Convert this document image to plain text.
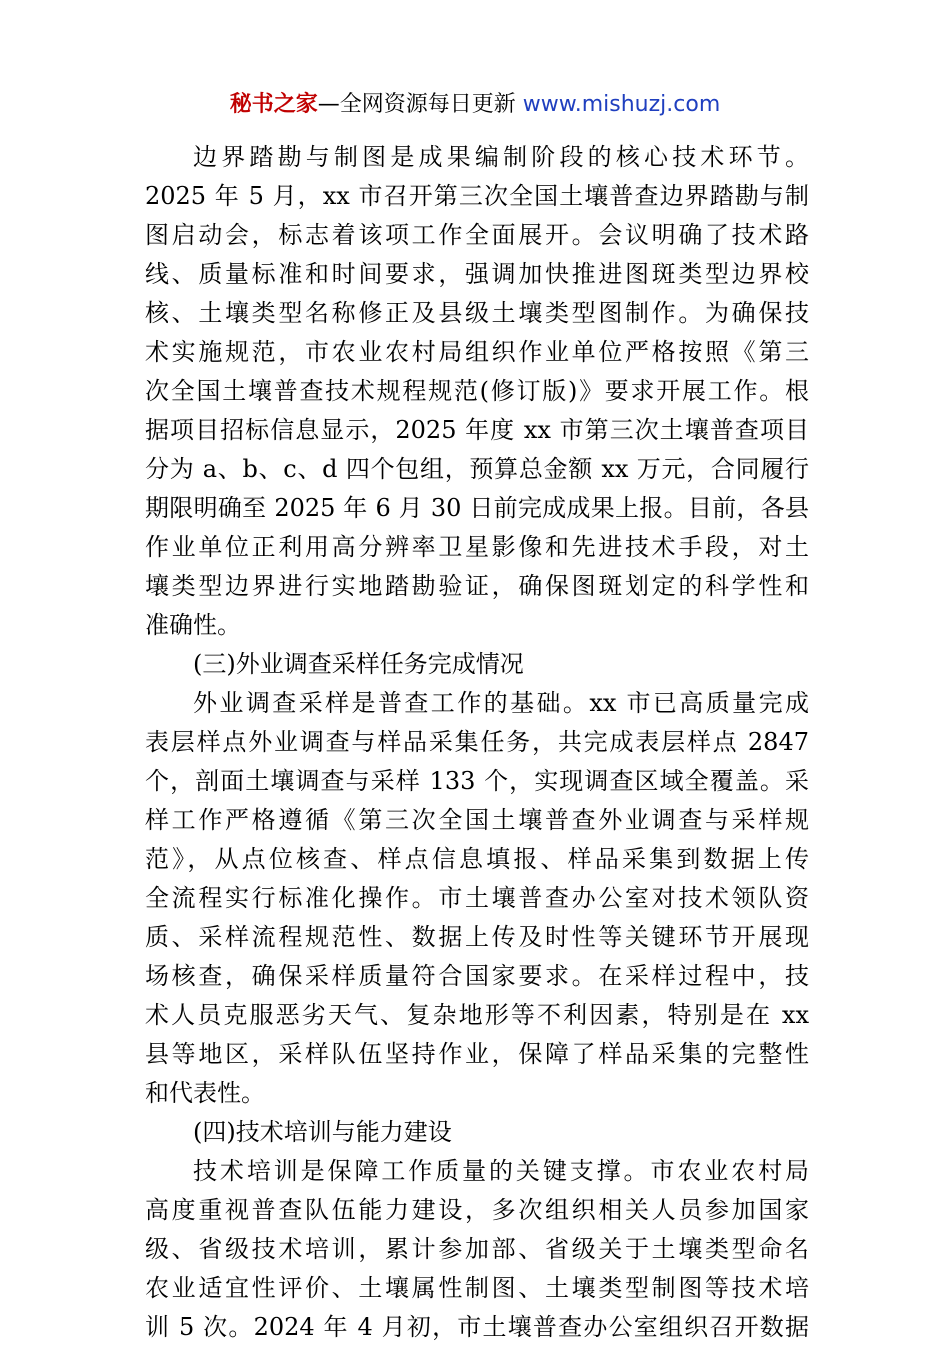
秘书之家—全网资源每日更新 www.mishuzj.com
边界踏勘与制图是成果编制阶段的核心技术环节。
2025 年 5 月，xx 市召开第三次全国土壤普查边界踏勘与制
图启动会，标志着该项工作全面展开。会议明确了技术路
线、质量标准和时间要求，强调加快推进图斑类型边界校
核、土壤类型名称修正及县级土壤类型图制作。为确保技
术实施规范，市农业农村局组织作业单位严格按照《第三
次全国土壤普查技术规程规范(修订版)》要求开展工作。根
据项目招标信息显示，2025 年度 xx 市第三次土壤普查项目
分为 a、b、c、d 四个包组，预算总金额 xx 万元，合同履行
期限明确至 2025 年 6 月 30 日前完成成果上报。目前，各县
作业单位正利用高分辨率卫星影像和先进技术手段，对土
壤类型边界进行实地踏勘验证，确保图斑划定的科学性和
准确性。
(三)外业调查采样任务完成情况
外业调查采样是普查工作的基础。xx 市已高质量完成
表层样点外业调查与样品采集任务，共完成表层样点 2847
个，剖面土壤调查与采样 133 个，实现调查区域全覆盖。采
样工作严格遵循《第三次全国土壤普查外业调查与采样规
范》，从点位核查、样点信息填报、样品采集到数据上传
全流程实行标准化操作。市土壤普查办公室对技术领队资
质、采样流程规范性、数据上传及时性等关键环节开展现
场核查，确保采样质量符合国家要求。在采样过程中，技
术人员克服恶劣天气、复杂地形等不利因素，特别是在 xx
县等地区，采样队伍坚持作业，保障了样品采集的完整性
和代表性。
(四)技术培训与能力建设
技术培训是保障工作质量的关键支撑。市农业农村局
高度重视普查队伍能力建设，多次组织相关人员参加国家
级、省级技术培训，累计参加部、省级关于土壤类型命名
农业适宜性评价、土壤属性制图、土壤类型制图等技术培
训 5 次。2024 年 4 月初，市土壤普查办公室组织召开数据
